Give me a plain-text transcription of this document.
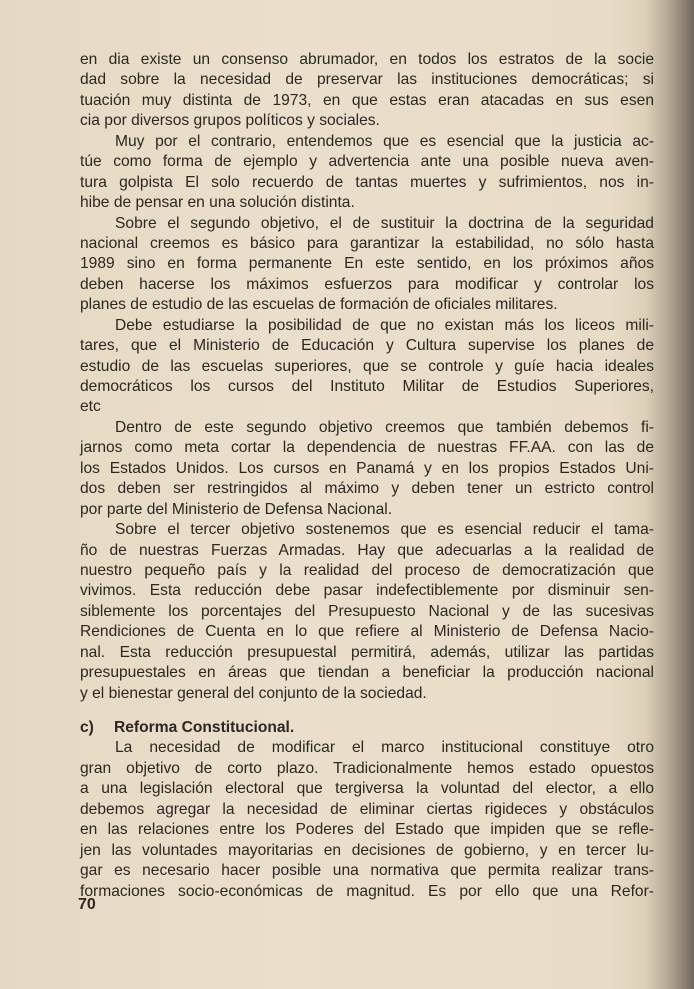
en dia existe un consenso abrumador, en todos los estratos de la socie
dad sobre la necesidad de preservar las instituciones democráticas; si
tuación muy distinta de 1973, en que estas eran atacadas en sus esen
cia por diversos grupos políticos y sociales.
Muy por el contrario, entendemos que es esencial que la justicia ac-
túe como forma de ejemplo y advertencia ante una posible nueva aven-
tura golpista El solo recuerdo de tantas muertes y sufrimientos, nos in-
hibe de pensar en una solución distinta.
Sobre el segundo objetivo, el de sustituir la doctrina de la seguridad
nacional creemos es básico para garantizar la estabilidad, no sólo hasta
1989 sino en forma permanente En este sentido, en los próximos años
deben hacerse los máximos esfuerzos para modificar y controlar los
planes de estudio de las escuelas de formación de oficiales militares.
Debe estudiarse la posibilidad de que no existan más los liceos mili-
tares, que el Ministerio de Educación y Cultura supervise los planes de
estudio de las escuelas superiores, que se controle y guíe hacia ideales
democráticos los cursos del Instituto Militar de Estudios Superiores,
etc
Dentro de este segundo objetivo creemos que también debemos fi-
jarnos como meta cortar la dependencia de nuestras FF.AA. con las de
los Estados Unidos. Los cursos en Panamá y en los propios Estados Uni-
dos deben ser restringidos al máximo y deben tener un estricto control
por parte del Ministerio de Defensa Nacional.
Sobre el tercer objetivo sostenemos que es esencial reducir el tama-
ño de nuestras Fuerzas Armadas. Hay que adecuarlas a la realidad de
nuestro pequeño país y la realidad del proceso de democratización que
vivimos. Esta reducción debe pasar indefectiblemente por disminuir sen-
siblemente los porcentajes del Presupuesto Nacional y de las sucesivas
Rendiciones de Cuenta en lo que refiere al Ministerio de Defensa Nacio-
nal. Esta reducción presupuestal permitirá, además, utilizar las partidas
presupuestales en áreas que tiendan a beneficiar la producción nacional
y el bienestar general del conjunto de la sociedad.
c) Reforma Constitucional.
La necesidad de modificar el marco institucional constituye otro
gran objetivo de corto plazo. Tradicionalmente hemos estado opuestos
a una legislación electoral que tergiversa la voluntad del elector, a ello
debemos agregar la necesidad de eliminar ciertas rigideces y obstáculos
en las relaciones entre los Poderes del Estado que impiden que se refle-
jen las voluntades mayoritarias en decisiones de gobierno, y en tercer lu-
gar es necesario hacer posible una normativa que permita realizar trans-
formaciones socio-económicas de magnitud. Es por ello que una Refor-
70
